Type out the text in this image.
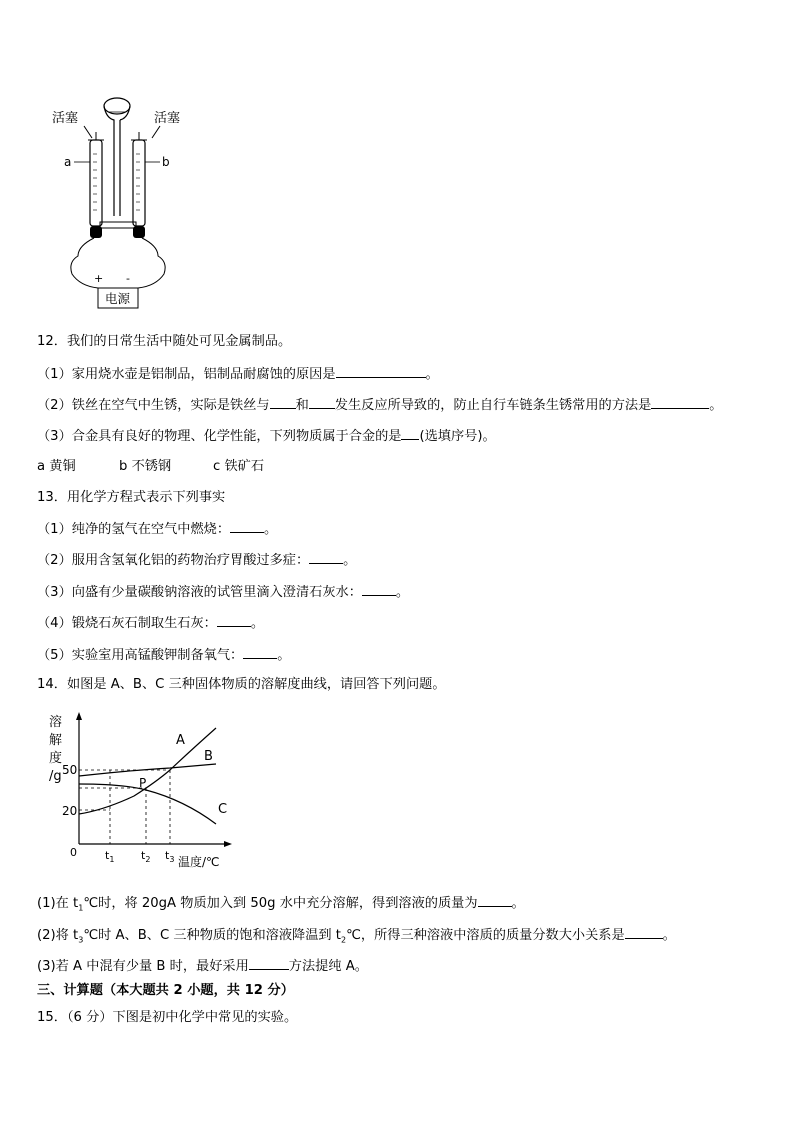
活塞	活塞
a	b
+ -
电源
12．我们的日常生活中随处可见金属制品。
（1）家用烧水壶是铝制品，铝制品耐腐蚀的原因是	。
（2）铁丝在空气中生锈，实际是铁丝与 和 发生反应所导致的，防止自行车链条生锈常用的方法是	。
（3）合金具有良好的物理、化学性能，下列物质属于合金的是 (选填序号)。
a 黄铜	b 不锈钢	c 铁矿石
13．用化学方程式表示下列事实
（1）纯净的氢气在空气中燃烧：	。
（2）服用含氢氧化铝的药物治疗胃酸过多症：	。
（3）向盛有少量碳酸钠溶液的试管里滴入澄清石灰水：	。
（4）锻烧石灰石制取生石灰：	。
（5）实验室用高锰酸钾制备氧气：	。
14．如图是 A、B、C 三种固体物质的溶解度曲线，请回答下列问题。
溶
解
度
/g
0
50
20
$t_1$ $t_2$ $t_3$ 温度/℃
A
B
C
P
(1)在 $t_1℃$时，将 20gA 物质加入到 50g 水中充分溶解，得到溶液的质量为	。
(2)将 $t_3℃$时 A、B、C 三种物质的饱和溶液降温到 $t_2℃$，所得三种溶液中溶质的质量分数大小关系是	。
(3)若 A 中混有少量 B 时，最好采用	方法提纯 A。
三、计算题（本大题共 2 小题，共 12 分）
15．（6 分）下图是初中化学中常见的实验。
